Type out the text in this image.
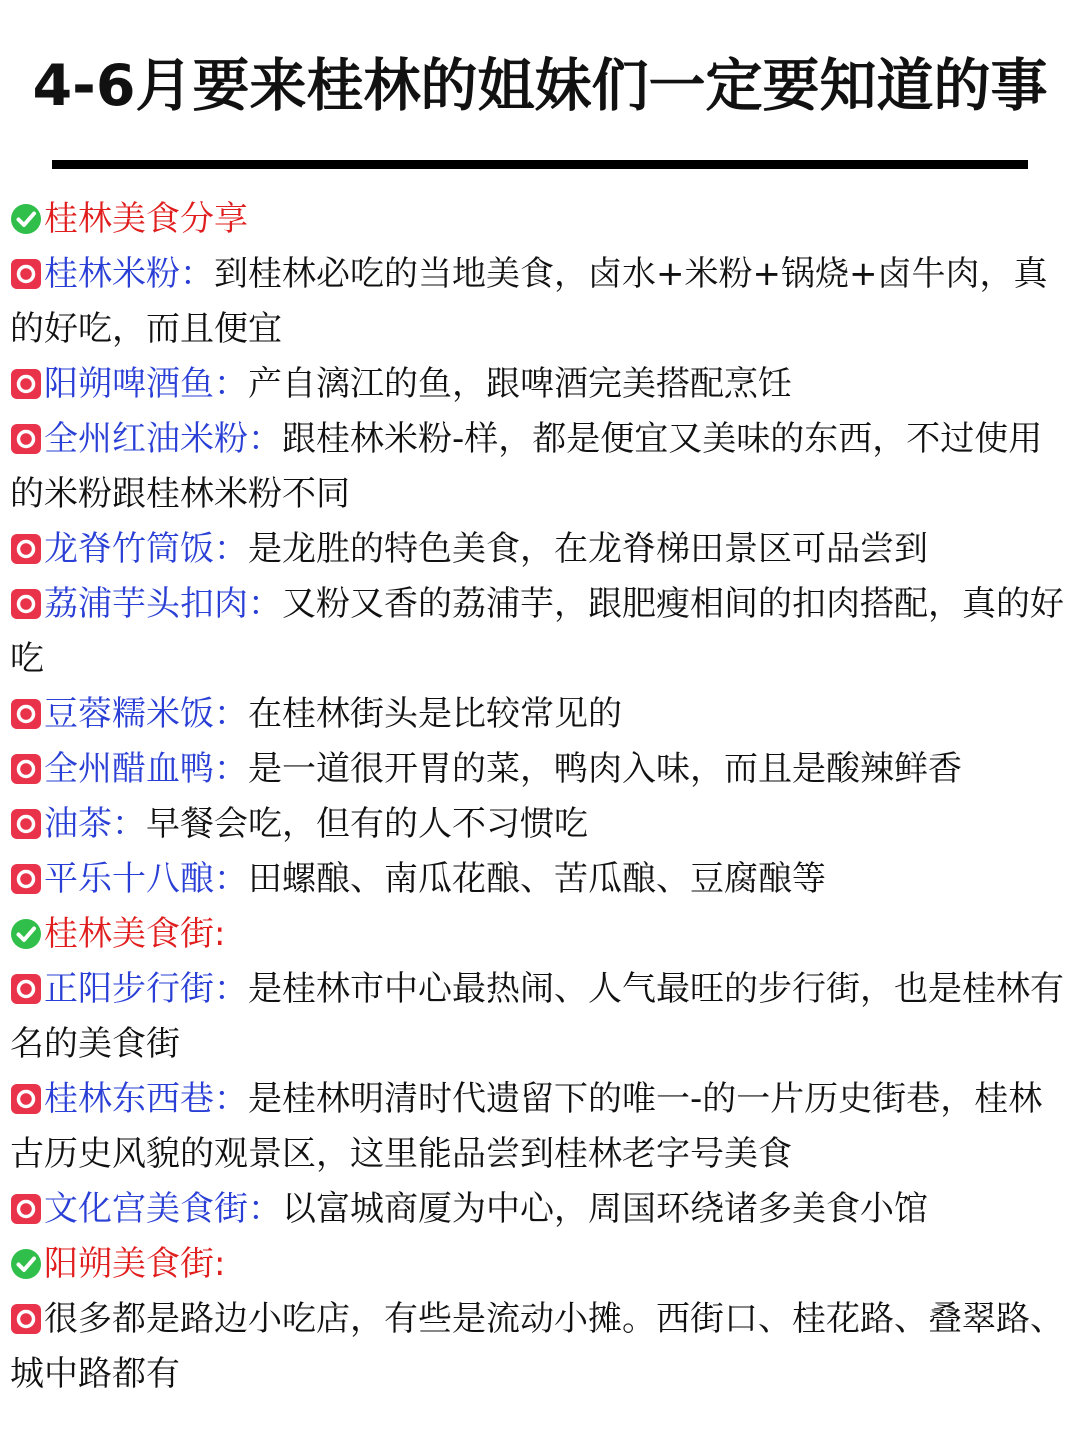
4-6月要来桂林的姐妹们一定要知道的事

桂林美食分享

桂林米粉：到桂林必吃的当地美食，卤水+米粉+锅烧+卤牛肉，真的好吃，而且便宜

阳朔啤酒鱼：产自漓江的鱼，跟啤酒完美搭配烹饪

全州红油米粉：跟桂林米粉-样，都是便宜又美味的东西，不过使用的米粉跟桂林米粉不同

龙脊竹筒饭：是龙胜的特色美食，在龙脊梯田景区可品尝到

荔浦芋头扣肉：又粉又香的荔浦芋，跟肥瘦相间的扣肉搭配，真的好吃

豆蓉糯米饭：在桂林街头是比较常见的

全州醋血鸭：是一道很开胃的菜，鸭肉入味，而且是酸辣鲜香

油茶：早餐会吃，但有的人不习惯吃

平乐十八酿：田螺酿、南瓜花酿、苦瓜酿、豆腐酿等

桂林美食街:

正阳步行街：是桂林市中心最热闹、人气最旺的步行街，也是桂林有名的美食街

桂林东西巷：是桂林明清时代遗留下的唯一-的一片历史街巷，桂林古历史风貌的观景区，这里能品尝到桂林老字号美食

文化宫美食街：以富城商厦为中心，周国环绕诸多美食小馆

阳朔美食街:

很多都是路边小吃店，有些是流动小摊。西街口、桂花路、叠翠路、城中路都有
